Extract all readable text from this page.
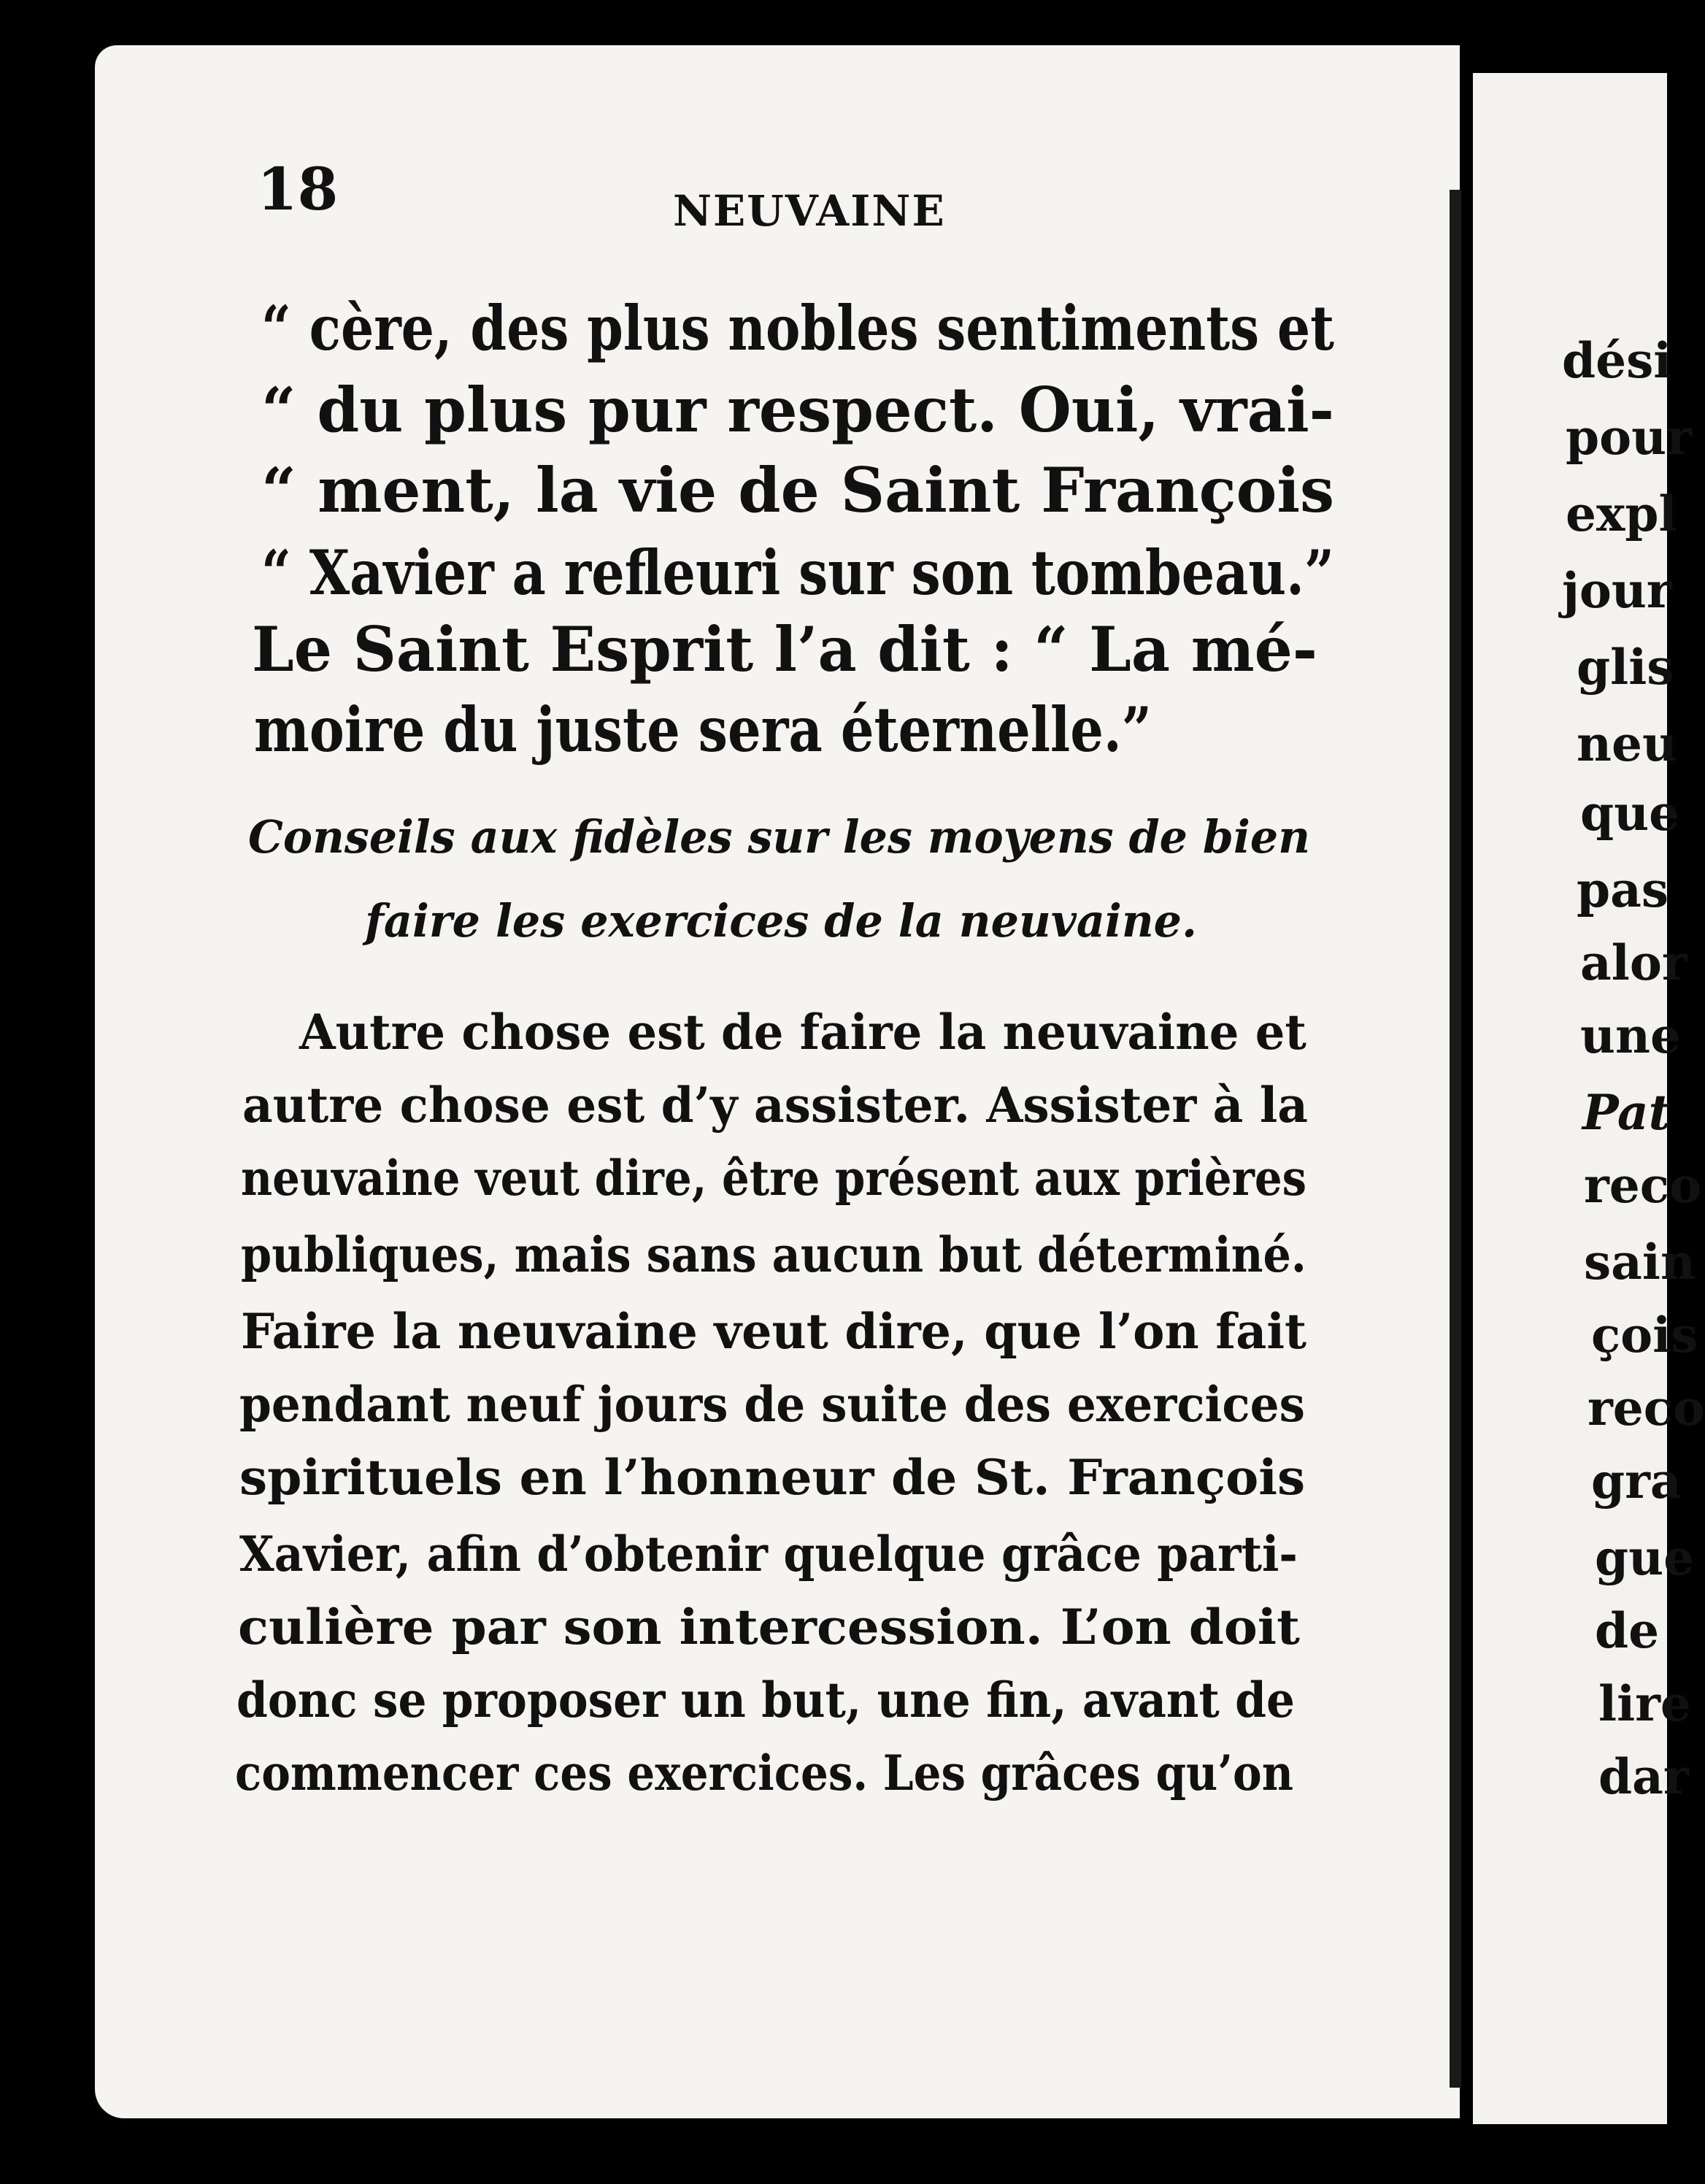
18	NEUVAINE
“ cère, des plus nobles sentiments et
“ du plus pur respect. Oui, vrai-
“ ment, la vie de Saint François
“ Xavier a refleuri sur son tombeau.”
Le Saint Esprit l’a dit : “ La mé-
moire du juste sera éternelle.”
Conseils aux fidèles sur les moyens de bien
faire les exercices de la neuvaine.
Autre chose est de faire la neuvaine et
autre chose est d’y assister. Assister à la
neuvaine veut dire, être présent aux prières
publiques, mais sans aucun but déterminé.
Faire la neuvaine veut dire, que l’on fait
pendant neuf jours de suite des exercices
spirituels en l’honneur de St. François
Xavier, afin d’obtenir quelque grâce parti-
culière par son intercession. L’on doit
donc se proposer un but, une fin, avant de
commencer ces exercices. Les grâces qu’on
dési
pour
expl
jour
glis
neu
que
pas
alor
une
Pat
reco
sain
çois
reco
gra
gue
de
lire
dar
